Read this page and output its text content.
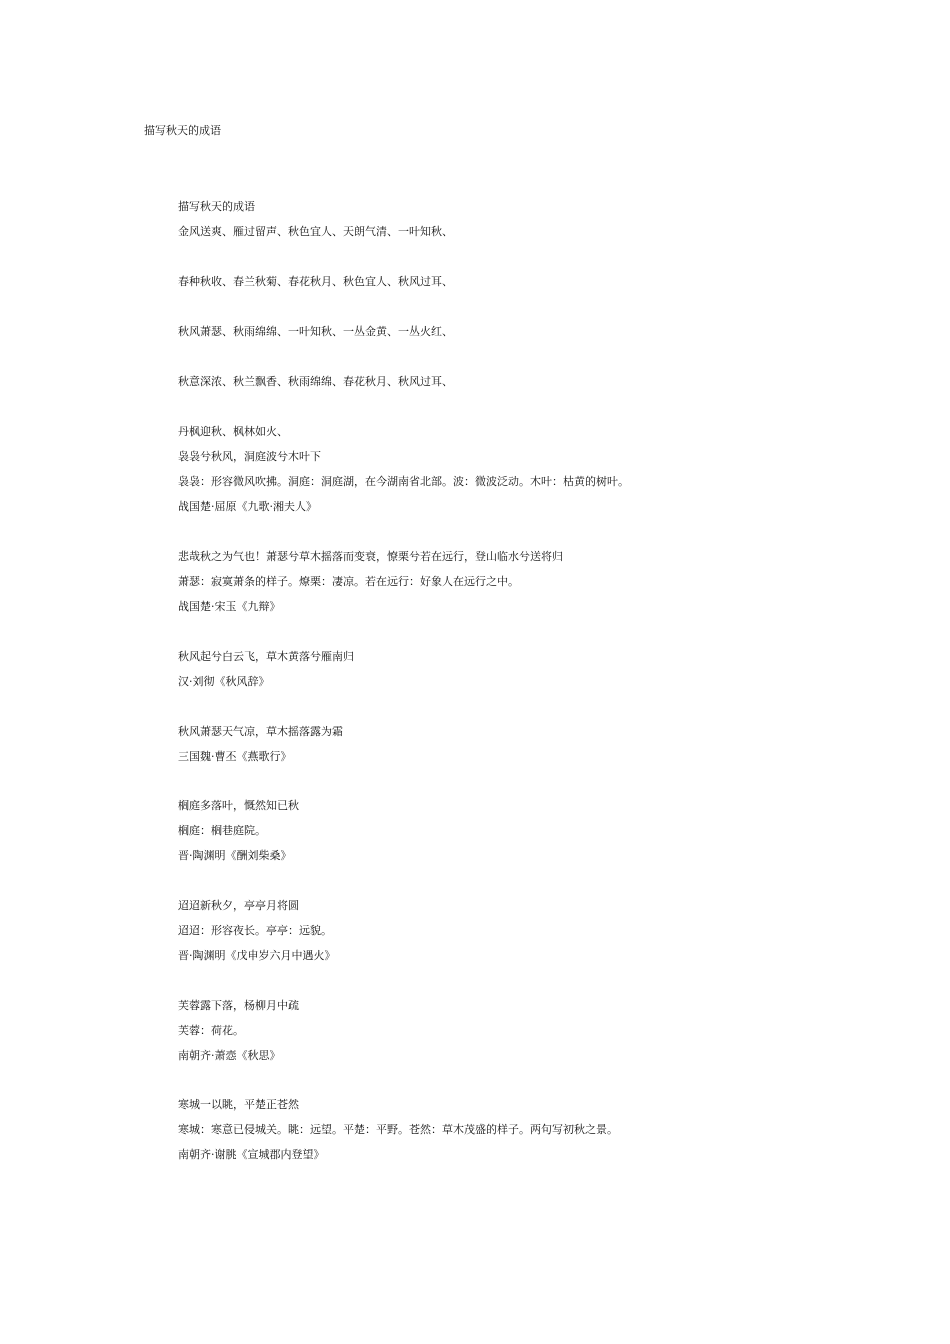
描写秋天的成语
描写秋天的成语
金风送爽、雁过留声、秋色宜人、天朗气清、一叶知秋、
春种秋收、春兰秋菊、春花秋月、秋色宜人、秋风过耳、
秋风萧瑟、秋雨绵绵、一叶知秋、一丛金黄、一丛火红、
秋意深浓、秋兰飘香、秋雨绵绵、春花秋月、秋风过耳、
丹枫迎秋、枫林如火、
袅袅兮秋风，洞庭波兮木叶下
袅袅：形容微风吹拂。洞庭：洞庭湖，在今湖南省北部。波：微波泛动。木叶：枯黄的树叶。
战国楚·屈原《九歌·湘夫人》
悲哉秋之为气也！萧瑟兮草木摇落而变衰，憭栗兮若在远行，登山临水兮送将归
萧瑟：寂寞萧条的样子。燎栗：凄凉。若在远行：好象人在远行之中。
战国楚·宋玉《九辩》
秋风起兮白云飞，草木黄落兮雁南归
汉·刘彻《秋风辞》
秋风萧瑟天气凉，草木摇落露为霜
三国魏·曹丕《燕歌行》
榈庭多落叶，慨然知已秋
榈庭：榈巷庭院。
晋·陶渊明《酬刘柴桑》
迢迢新秋夕，亭亭月将圆
迢迢：形容夜长。亭亭：远貌。
晋·陶渊明《戊申岁六月中遇火》
芙蓉露下落，杨柳月中疏
芙蓉：荷花。
南朝齐·萧悫《秋思》
寒城一以眺，平楚正苍然
寒城：寒意已侵城关。眺：远望。平楚：平野。苍然：草木茂盛的样子。两句写初秋之景。
南朝齐·谢朓《宣城郡内登望》
